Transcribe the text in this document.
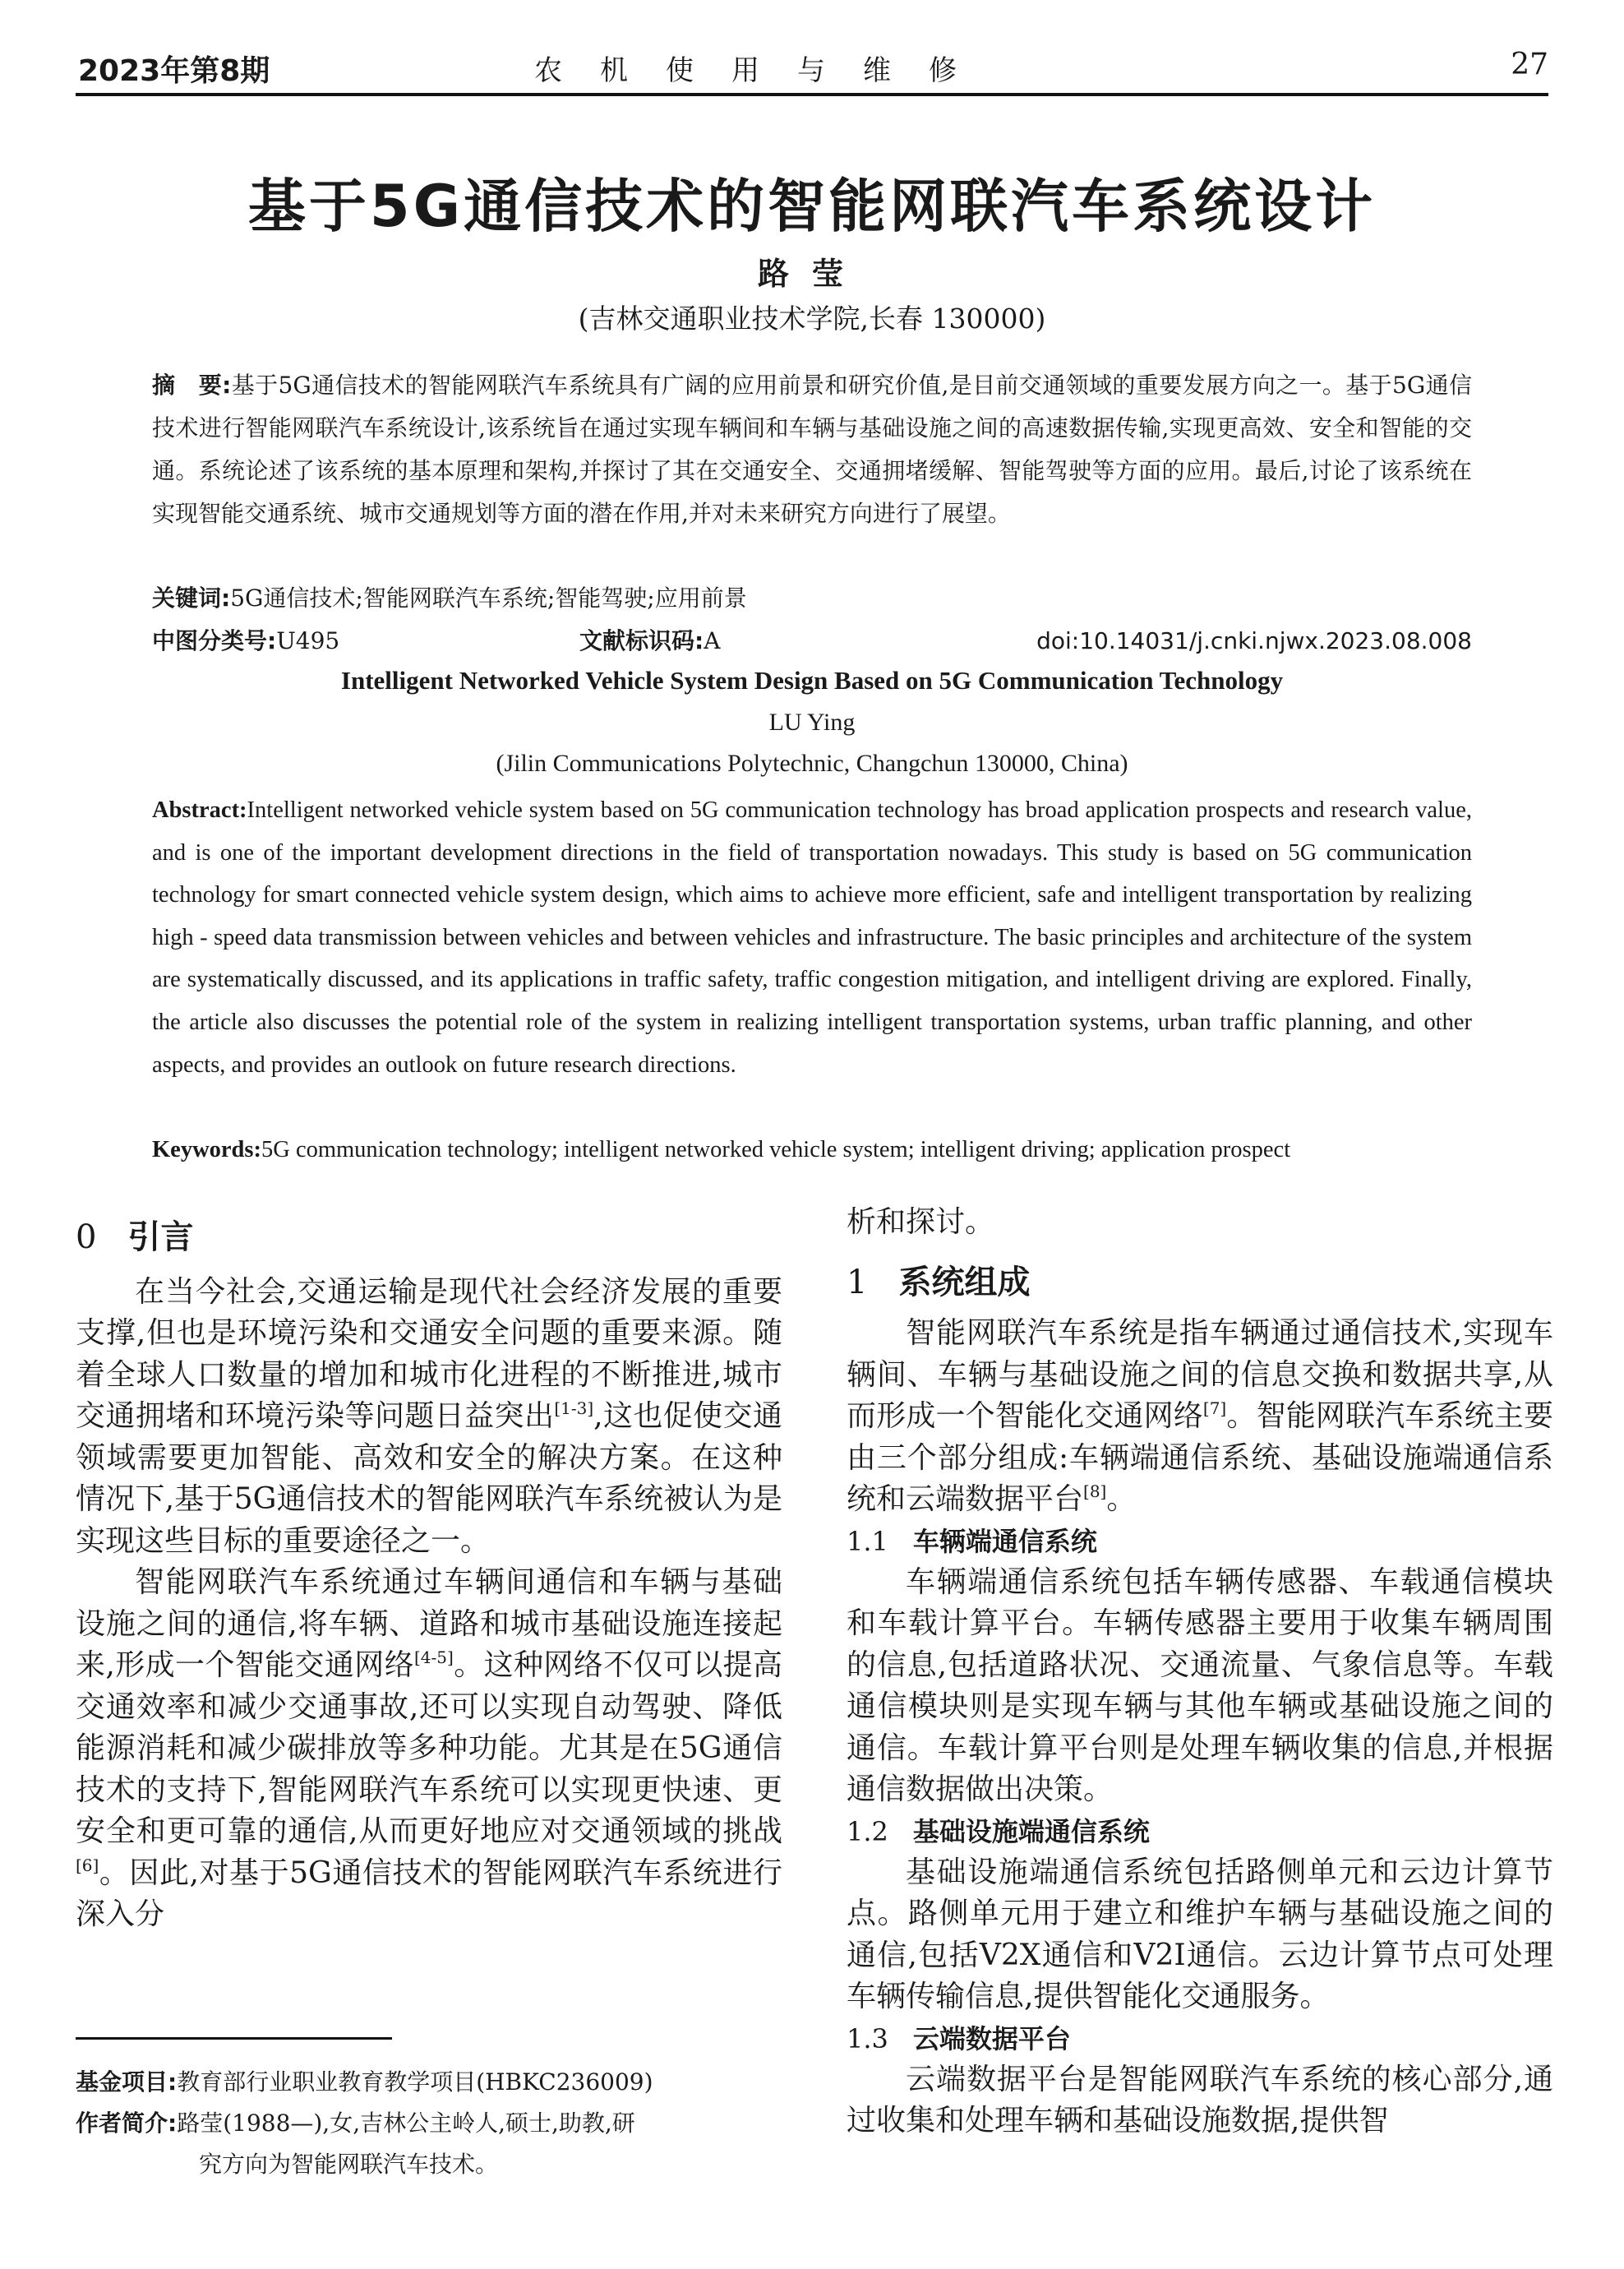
2023年第8期	农机使用与维修	27
基于5G通信技术的智能网联汽车系统设计
路莹
(吉林交通职业技术学院,长春 130000)
摘　要:基于5G通信技术的智能网联汽车系统具有广阔的应用前景和研究价值,是目前交通领域的重要发展方向之一。基于5G通信技术进行智能网联汽车系统设计,该系统旨在通过实现车辆间和车辆与基础设施之间的高速数据传输,实现更高效、安全和智能的交通。系统论述了该系统的基本原理和架构,并探讨了其在交通安全、交通拥堵缓解、智能驾驶等方面的应用。最后,讨论了该系统在实现智能交通系统、城市交通规划等方面的潜在作用,并对未来研究方向进行了展望。
关键词:5G通信技术;智能网联汽车系统;智能驾驶;应用前景
中图分类号:U495	文献标识码:A	doi:10.14031/j.cnki.njwx.2023.08.008
Intelligent Networked Vehicle System Design Based on 5G Communication Technology
LU Ying
(Jilin Communications Polytechnic, Changchun 130000, China)
Abstract:Intelligent networked vehicle system based on 5G communication technology has broad application prospects and research value, and is one of the important development directions in the field of transportation nowadays. This study is based on 5G communication technology for smart connected vehicle system design, which aims to achieve more efficient, safe and intelligent transportation by realizing high - speed data transmission between vehicles and between vehicles and infrastructure. The basic principles and architecture of the system are systematically discussed, and its applications in traffic safety, traffic congestion mitigation, and intelligent driving are explored. Finally, the article also discusses the potential role of the system in realizing intelligent transportation systems, urban traffic planning, and other aspects, and provides an outlook on future research directions.
Keywords:5G communication technology; intelligent networked vehicle system; intelligent driving; application prospect
0 引言

在当今社会,交通运输是现代社会经济发展的重要支撑,但也是环境污染和交通安全问题的重要来源。随着全球人口数量的增加和城市化进程的不断推进,城市交通拥堵和环境污染等问题日益突出[1-3],这也促使交通领域需要更加智能、高效和安全的解决方案。在这种情况下,基于5G通信技术的智能网联汽车系统被认为是实现这些目标的重要途径之一。

智能网联汽车系统通过车辆间通信和车辆与基础设施之间的通信,将车辆、道路和城市基础设施连接起来,形成一个智能交通网络[4-5]。这种网络不仅可以提高交通效率和减少交通事故,还可以实现自动驾驶、降低能源消耗和减少碳排放等多种功能。尤其是在5G通信技术的支持下,智能网联汽车系统可以实现更快速、更安全和更可靠的通信,从而更好地应对交通领域的挑战[6]。因此,对基于5G通信技术的智能网联汽车系统进行深入分

析和探讨。
1 系统组成

智能网联汽车系统是指车辆通过通信技术,实现车辆间、车辆与基础设施之间的信息交换和数据共享,从而形成一个智能化交通网络[7]。智能网联汽车系统主要由三个部分组成:车辆端通信系统、基础设施端通信系统和云端数据平台[8]。

1.1 车辆端通信系统

车辆端通信系统包括车辆传感器、车载通信模块和车载计算平台。车辆传感器主要用于收集车辆周围的信息,包括道路状况、交通流量、气象信息等。车载通信模块则是实现车辆与其他车辆或基础设施之间的通信。车载计算平台则是处理车辆收集的信息,并根据通信数据做出决策。

1.2 基础设施端通信系统

基础设施端通信系统包括路侧单元和云边计算节点。路侧单元用于建立和维护车辆与基础设施之间的通信,包括V2X通信和V2I通信。云边计算节点可处理车辆传输信息,提供智能化交通服务。

1.3 云端数据平台

云端数据平台是智能网联汽车系统的核心部分,通过收集和处理车辆和基础设施数据,提供智

基金项目:教育部行业职业教育教学项目(HBKC236009)
作者简介:路莹(1988—),女,吉林公主岭人,硕士,助教,研
究方向为智能网联汽车技术。
